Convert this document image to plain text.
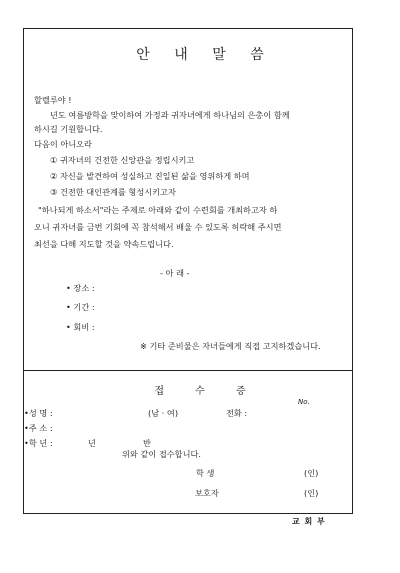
안 내 말 씀
할렐루야 !
년도 여름방학을 맞이하여 가정과 귀자녀에게 하나님의 은총이 함께
하시길 기원합니다.
다음이 아니오라
① 귀자녀의 건전한 신앙관을 정립시키고
② 자신을 발견하여 성실하고 진일된 삶을 영위하게 하며
③ 건전한 대인관계를 형성시키고자
"하나되게 하소서"라는 주제로 아래와 같이 수련회를 개최하고자 하
오니 귀자녀를 금번 기회에 꼭 참석해서 배울 수 있도록 허락해 주시면
최선을 다해 지도할 것을 약속드립니다.
- 아 래 -
• 장소 :
• 기간 :
• 회비 :
※ 기타 준비물은 자녀들에게 직접 고지하겠습니다.
접 수 증
No.
•성 명 :	(남 · 여)	전화 :
•주 소 :
•학 년 :	년	반
위와 같이 접수합니다.
학 생	(인)
보호자	(인)
교 회 부
